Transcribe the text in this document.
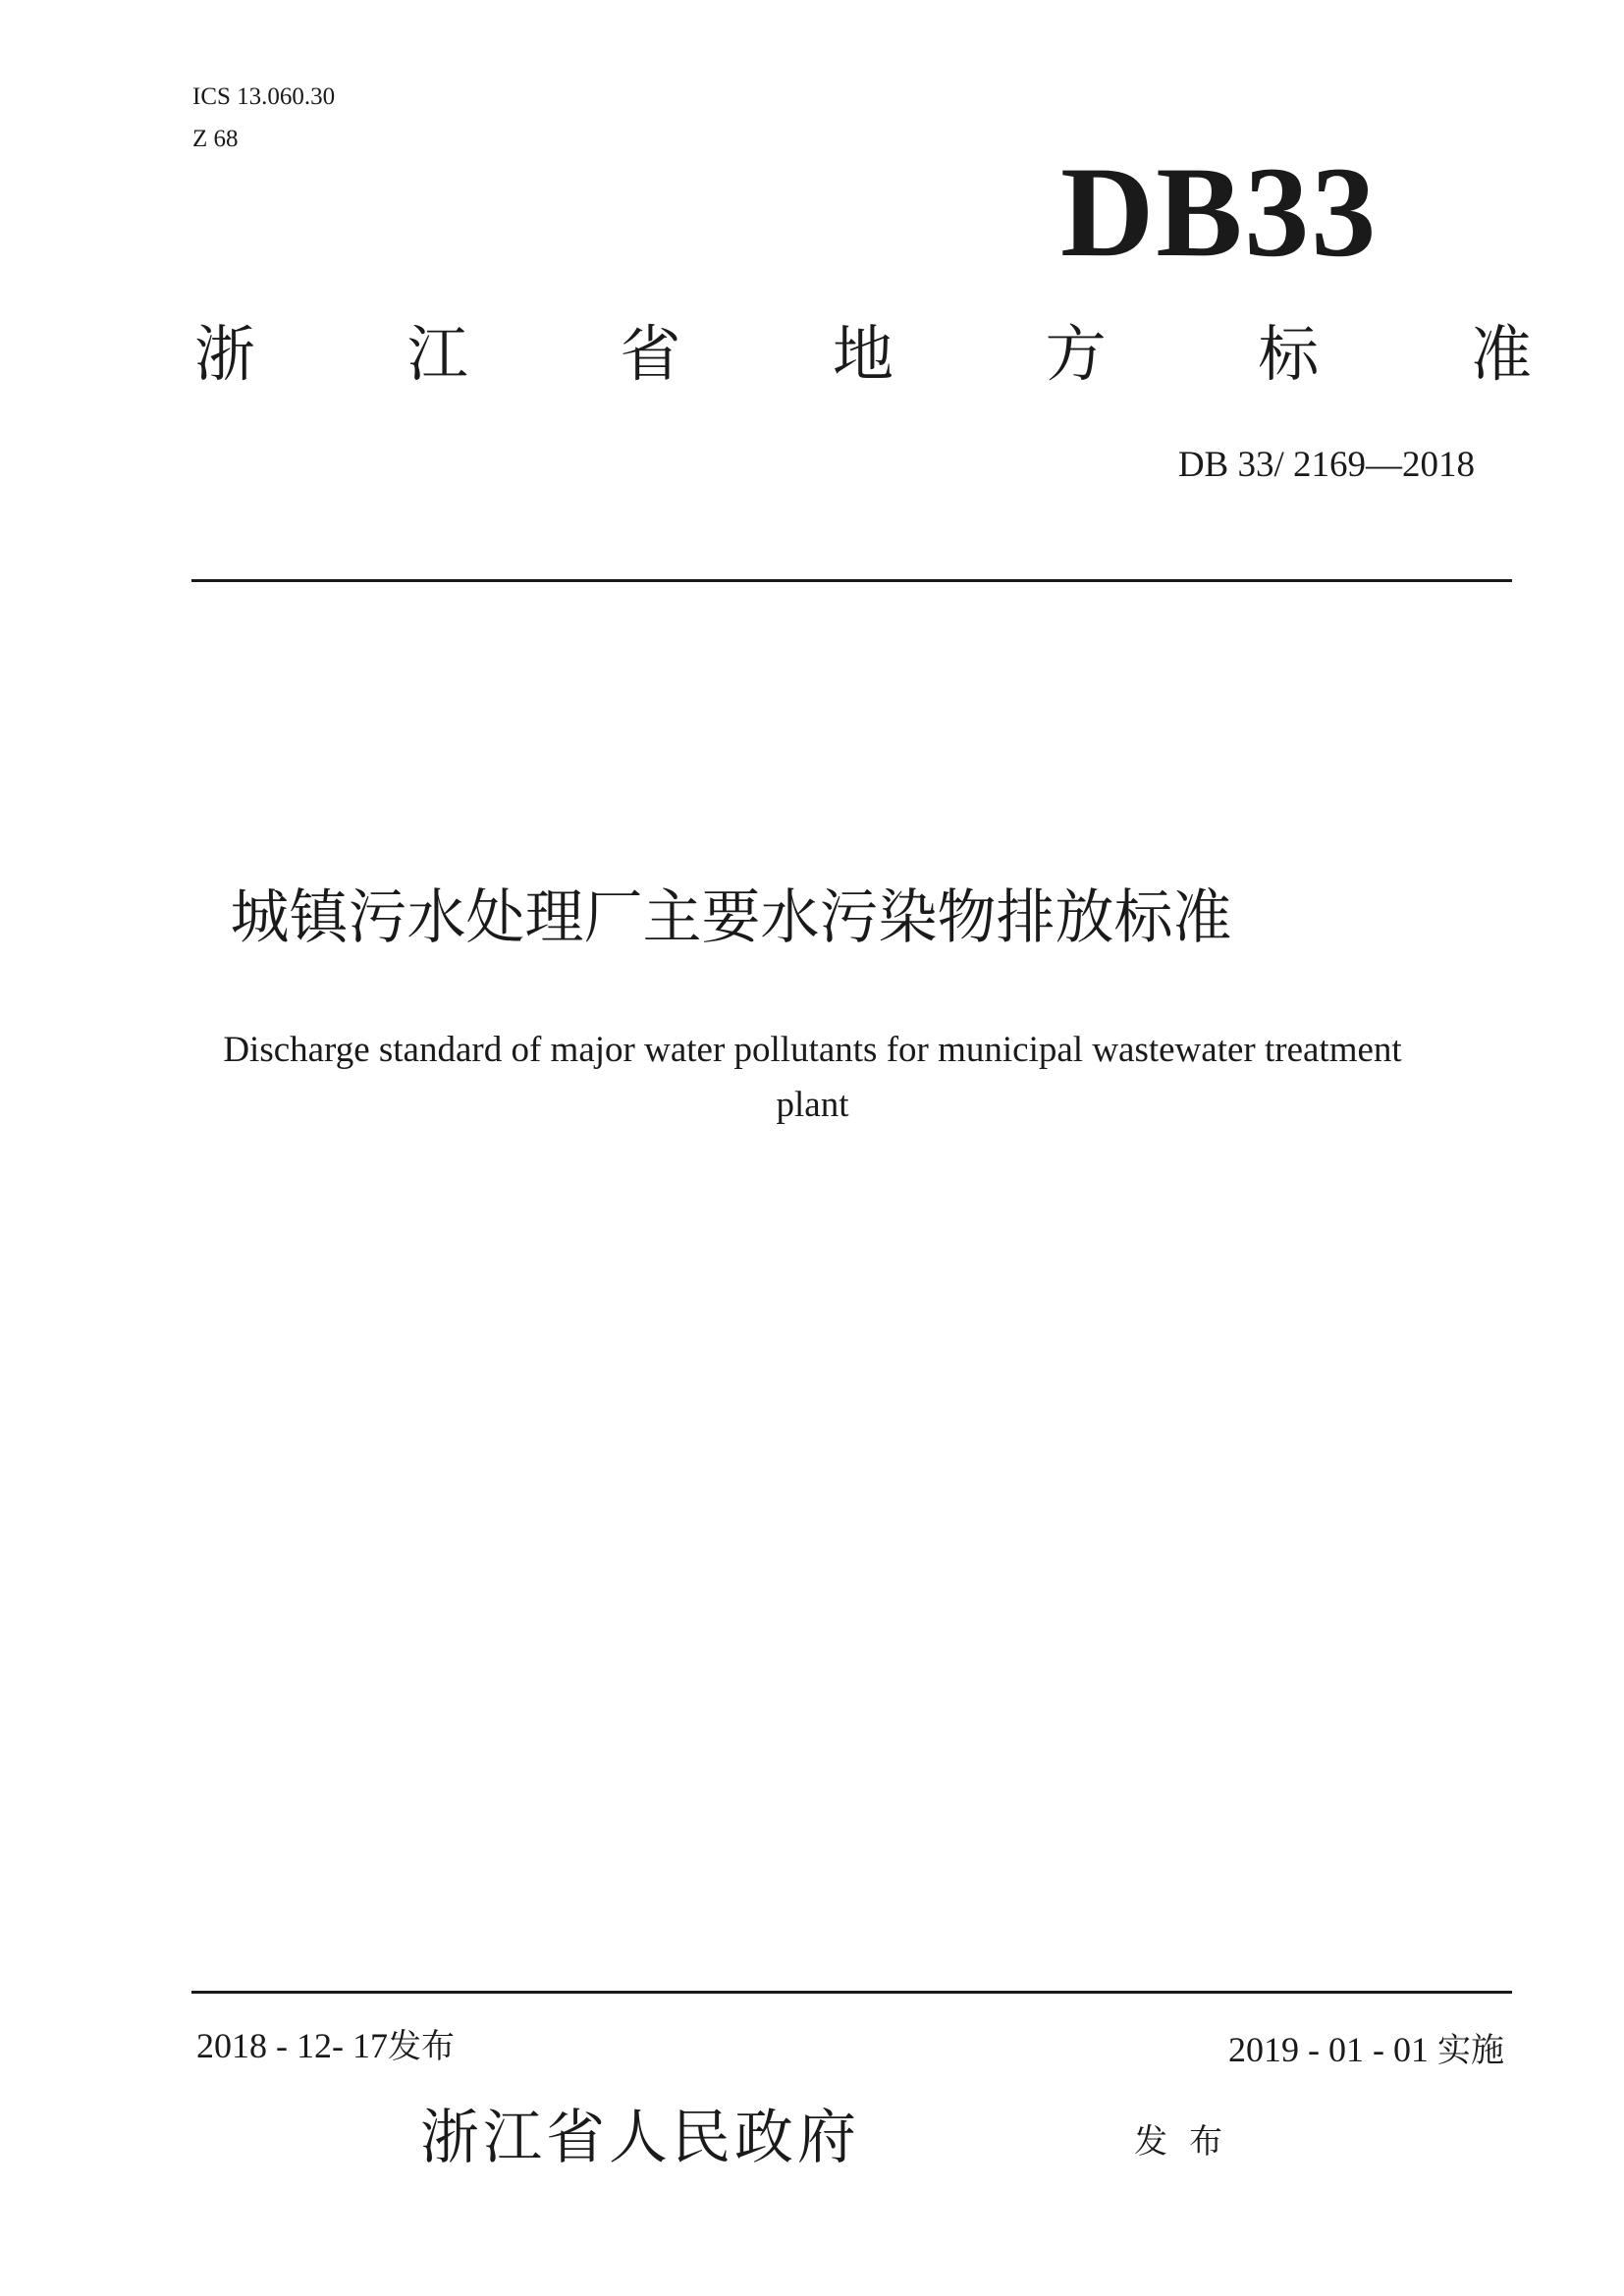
ICS 13.060.30
Z 68
DB33
浙 江 省 地 方 标 准
DB 33/ 2169—2018
城镇污水处理厂主要水污染物排放标准
Discharge standard of major water pollutants for municipal wastewater treatment plant
2018 - 12- 17发布	2019 - 01 - 01 实施
浙江省人民政府	发布
